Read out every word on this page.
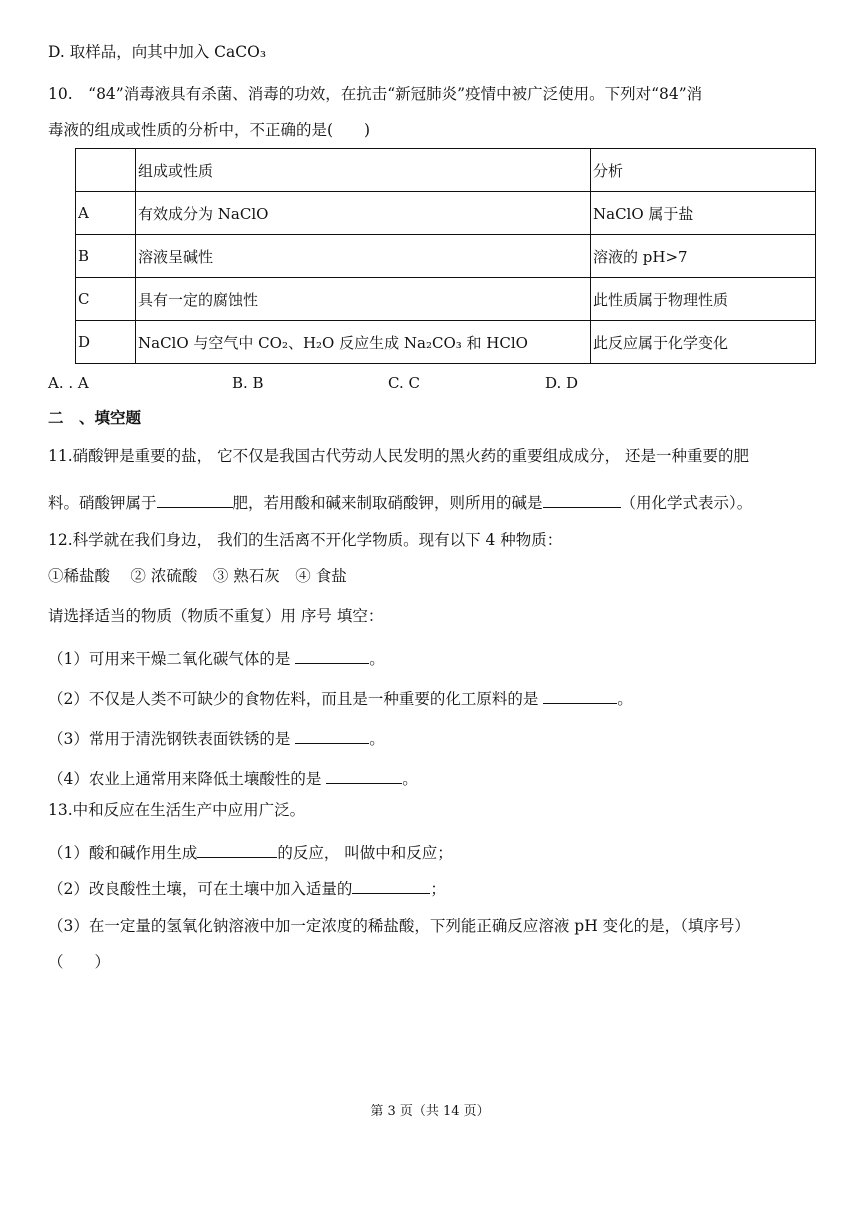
D. 取样品，向其中加入 CaCO₃
10.　“84”消毒液具有杀菌、消毒的功效，在抗击“新冠肺炎”疫情中被广泛使用。下列对“84”消
毒液的组成或性质的分析中，不正确的是(　　)
	组成或性质	分析
A	有效成分为 NaClO	NaClO 属于盐
B	溶液呈碱性	溶液的 pH>7
C	具有一定的腐蚀性	此性质属于物理性质
D	NaClO 与空气中 CO₂、H₂O 反应生成 Na₂CO₃ 和 HClO	此反应属于化学变化
A. . A	B. B	C. C	D. D
二　、填空题
11.硝酸钾是重要的盐， 它不仅是我国古代劳动人民发明的黑火药的重要组成成分， 还是一种重要的肥
料。硝酸钾属于	肥，若用酸和碱来制取硝酸钾，则所用的碱是	（用化学式表示）。
12.科学就在我们身边， 我们的生活离不开化学物质。现有以下 4 种物质：
①稀盐酸　 ② 浓硫酸　③ 熟石灰　④ 食盐
请选择适当的物质（物质不重复）用 序号 填空：
（1）可用来干燥二氧化碳气体的是	。
（2）不仅是人类不可缺少的食物佐料，而且是一种重要的化工原料的是	。
（3）常用于清洗钢铁表面铁锈的是	。
（4）农业上通常用来降低土壤酸性的是	。
13.中和反应在生活生产中应用广泛。
（1）酸和碱作用生成	的反应， 叫做中和反应；
（2）改良酸性土壤，可在土壤中加入适量的	；
（3）在一定量的氢氧化钠溶液中加一定浓度的稀盐酸，下列能正确反应溶液 pH 变化的是，（填序号）
（　　）
第 3 页（共 14 页）
